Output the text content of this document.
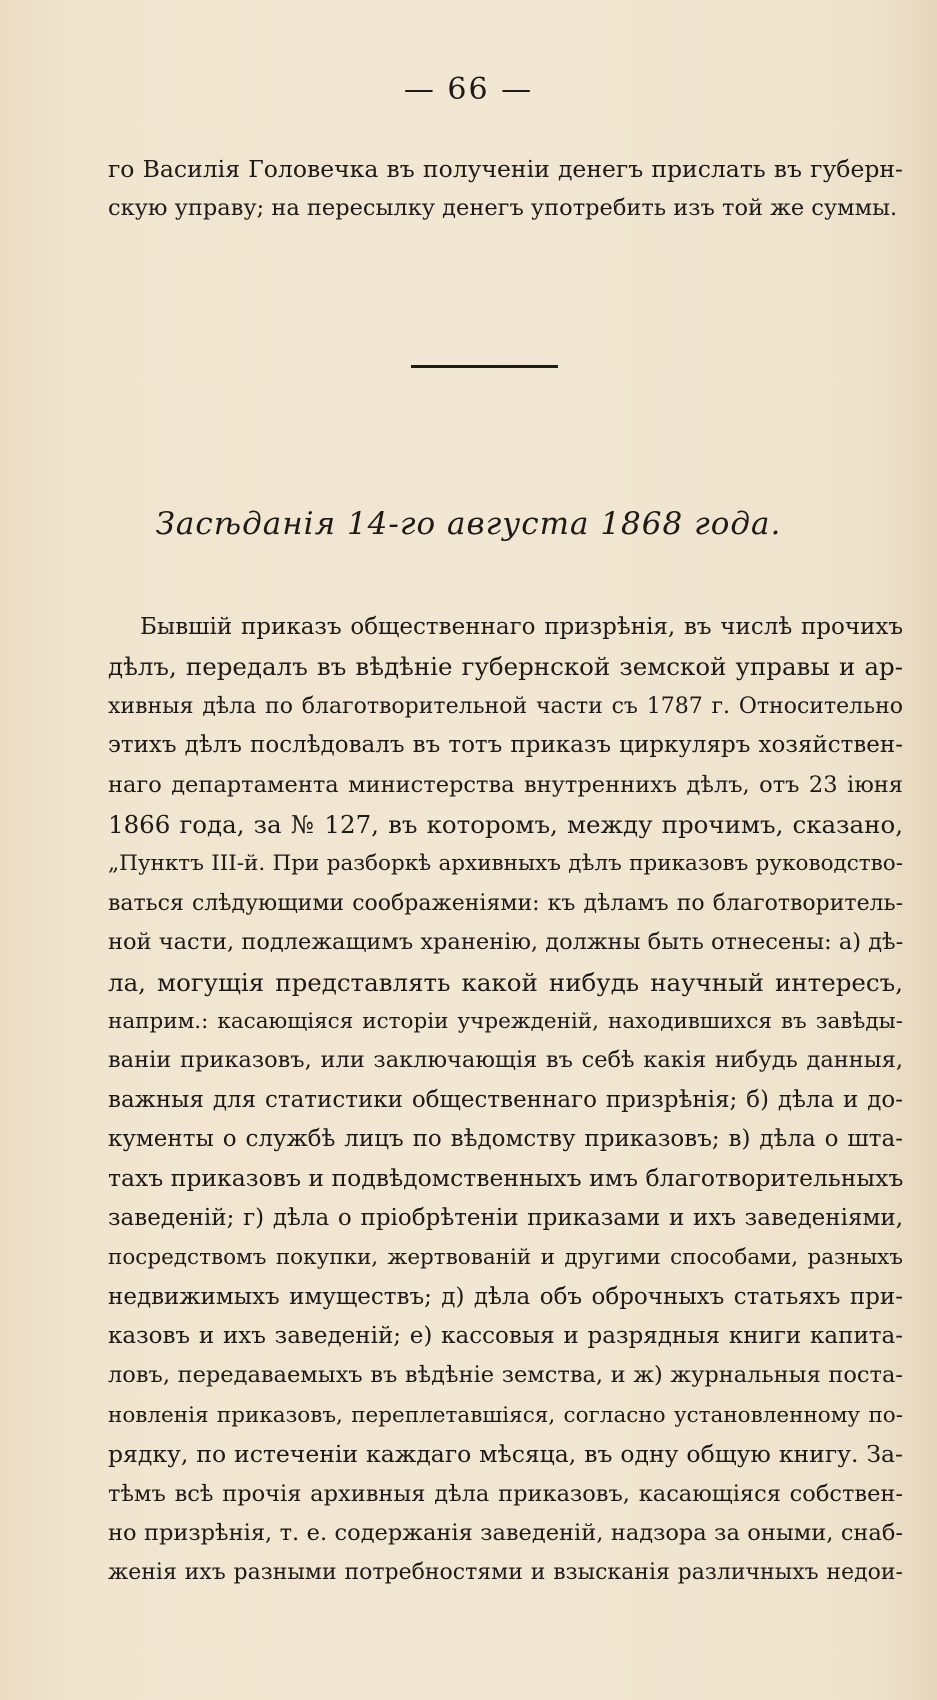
— 66 —
го Василія Головечка въ полученіи денегъ прислать въ губерн-
скую управу; на пересылку денегъ употребить изъ той же суммы.
Засѣданія 14-го августа 1868 года.
Бывшій приказъ общественнаго призрѣнія, въ числѣ прочихъ
дѣлъ, передалъ въ вѣдѣніе губернской земской управы и ар-
хивныя дѣла по благотворительной части съ 1787 г. Относительно
этихъ дѣлъ послѣдовалъ въ тотъ приказъ циркуляръ хозяйствен-
наго департамента министерства внутреннихъ дѣлъ, отъ 23 іюня
1866 года, за № 127, въ которомъ, между прочимъ, сказано,
„Пунктъ III-й. При разборкѣ архивныхъ дѣлъ приказовъ руководство-
ваться слѣдующими соображеніями: къ дѣламъ по благотворитель-
ной части, подлежащимъ храненію, должны быть отнесены: а) дѣ-
ла, могущія представлять какой нибудь научный интересъ,
наприм.: касающіяся исторіи учрежденій, находившихся въ завѣды-
ваніи приказовъ, или заключающія въ себѣ какія нибудь данныя,
важныя для статистики общественнаго призрѣнія; б) дѣла и до-
кументы о службѣ лицъ по вѣдомству приказовъ; в) дѣла о шта-
тахъ приказовъ и подвѣдомственныхъ имъ благотворительныхъ
заведеній; г) дѣла о пріобрѣтеніи приказами и ихъ заведеніями,
посредствомъ покупки, жертвованій и другими способами, разныхъ
недвижимыхъ имуществъ; д) дѣла объ оброчныхъ статьяхъ при-
казовъ и ихъ заведеній; е) кассовыя и разрядныя книги капита-
ловъ, передаваемыхъ въ вѣдѣніе земства, и ж) журнальныя поста-
новленія приказовъ, переплетавшіяся, согласно установленному по-
рядку, по истеченіи каждаго мѣсяца, въ одну общую книгу. За-
тѣмъ всѣ прочія архивныя дѣла приказовъ, касающіяся собствен-
но призрѣнія, т. е. содержанія заведеній, надзора за оными, снаб-
женія ихъ разными потребностями и взысканія различныхъ недои-
